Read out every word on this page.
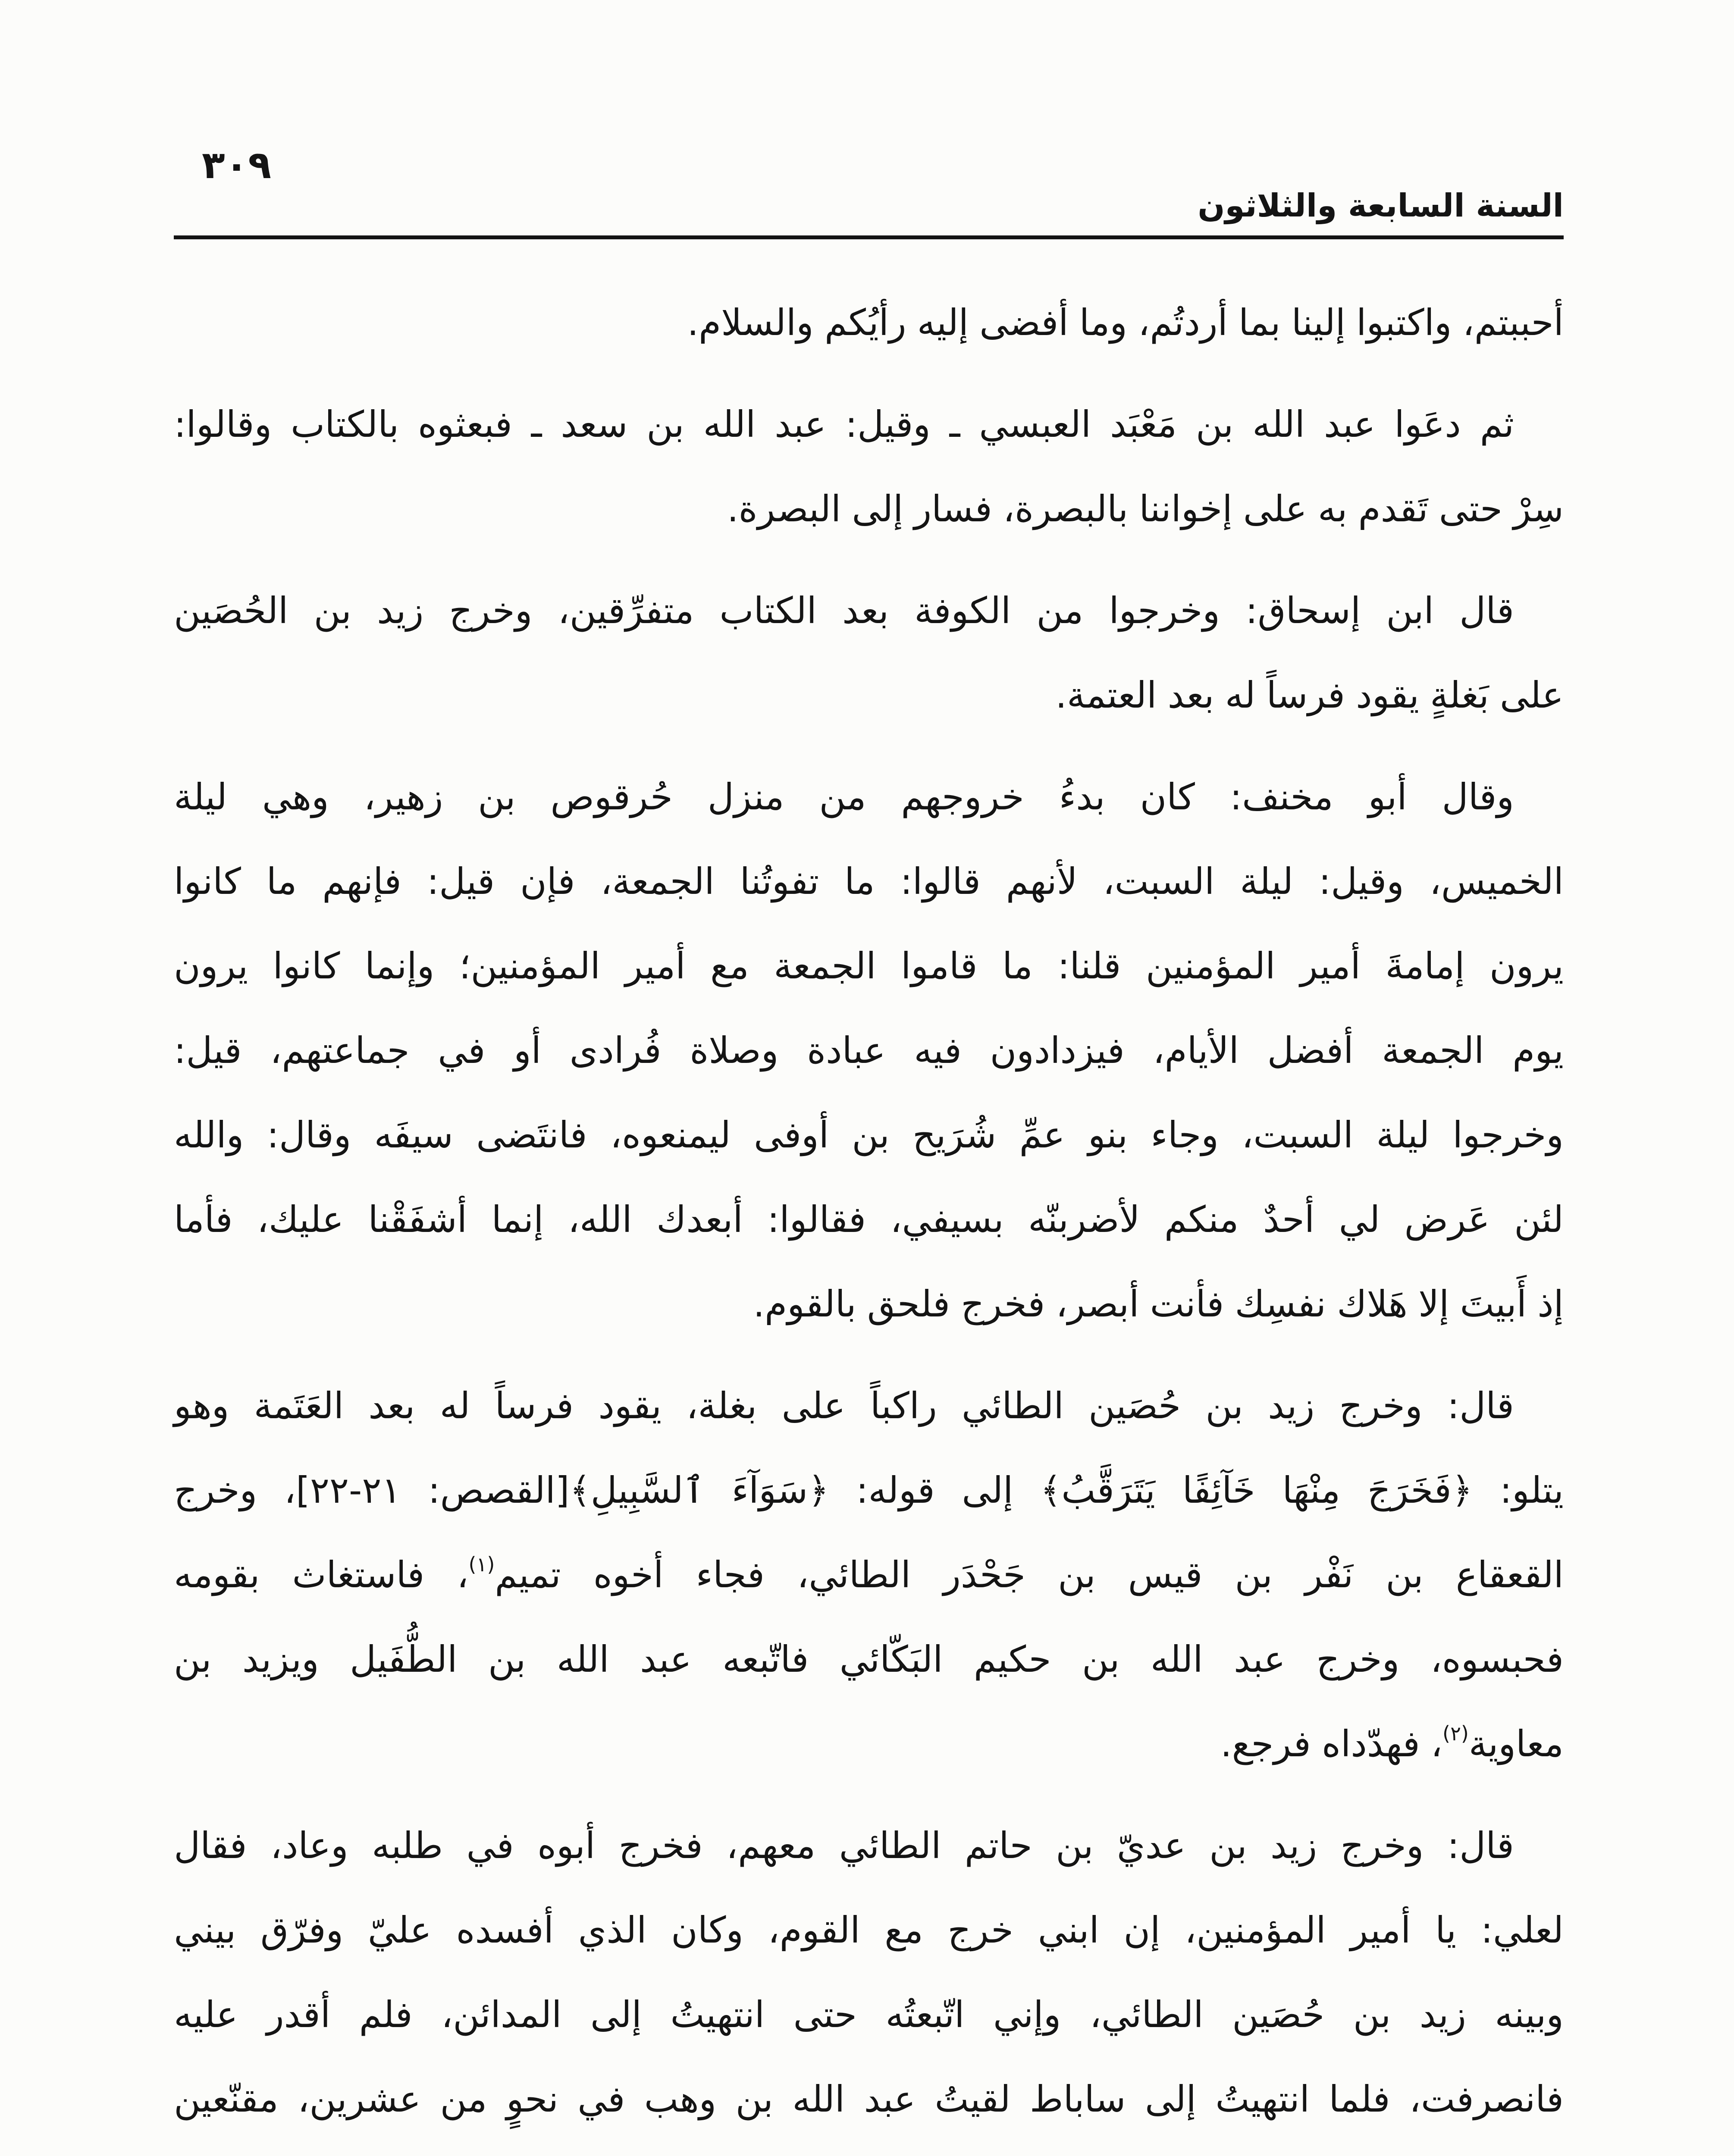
٣٠٩
السنة السابعة والثلاثون
أحببتم،
واكتبوا
إلينا
بما
أردتُم،
وما
أفضى
إليه
رأيُكم
والسلام.
ثم
دعَوا
عبد
الله
بن
مَعْبَد
العبسي
ـ
وقيل:
عبد
الله
بن
سعد
ـ
فبعثوه
بالكتاب
وقالوا:
سِرْ
حتى
تَقدم
به
على
إخواننا
بالبصرة،
فسار
إلى
البصرة.
قال
ابن
إسحاق:
وخرجوا
من
الكوفة
بعد
الكتاب
متفرِّقين،
وخرج
زيد
بن
الحُصَين
على
بَغلةٍ
يقود
فرساً
له
بعد
العتمة.
وقال
أبو
مخنف:
كان
بدءُ
خروجهم
من
منزل
حُرقوص
بن
زهير،
وهي
ليلة
الخميس،
وقيل:
ليلة
السبت،
لأنهم
قالوا:
ما
تفوتُنا
الجمعة،
فإن
قيل:
فإنهم
ما
كانوا
يرون
إمامةَ
أمير
المؤمنين
قلنا:
ما
قاموا
الجمعة
مع
أمير
المؤمنين؛
وإنما
كانوا
يرون
يوم
الجمعة
أفضل
الأيام،
فيزدادون
فيه
عبادة
وصلاة
فُرادى
أو
في
جماعتهم،
قيل:
وخرجوا
ليلة
السبت،
وجاء
بنو
عمِّ
شُرَيح
بن
أوفى
ليمنعوه،
فانتَضى
سيفَه
وقال:
والله
لئن
عَرض
لي
أحدٌ
منكم
لأضربنّه
بسيفي،
فقالوا:
أبعدك
الله،
إنما
أشفَقْنا
عليك،
فأما
إذ
أَبيتَ
إلا
هَلاك
نفسِك
فأنت
أبصر،
فخرج
فلحق
بالقوم.
قال:
وخرج
زيد
بن
حُصَين
الطائي
راكباً
على
بغلة،
يقود
فرساً
له
بعد
العَتَمة
وهو
يتلو:
﴿فَخَرَجَ
مِنْهَا
خَآئِفًا
يَتَرَقَّبُ﴾
إلى
قوله:
﴿سَوَآءَ
ٱلسَّبِيلِ﴾[القصص:
٢١-٢٢]،
وخرج
القعقاع
بن
نَفْر
بن
قيس
بن
جَحْدَر
الطائي،
فجاء
أخوه
تميم$^{(١)}$،
فاستغاث
بقومه
فحبسوه،
وخرج
عبد
الله
بن
حكيم
البَكّائي
فاتّبعه
عبد
الله
بن
الطُّفَيل
ويزيد
بن
معاوية$^{(٢)}$،
فهدّداه
فرجع.
قال:
وخرج
زيد
بن
عديّ
بن
حاتم
الطائي
معهم،
فخرج
أبوه
في
طلبه
وعاد،
فقال
لعلي:
يا
أمير
المؤمنين،
إن
ابني
خرج
مع
القوم،
وكان
الذي
أفسده
عليّ
وفرّق
بيني
وبينه
زيد
بن
حُصَين
الطائي،
وإني
اتّبعتُه
حتى
انتهيتُ
إلى
المدائن،
فلم
أقدر
عليه
فانصرفت،
فلما
انتهيتُ
إلى
ساباط
لقيتُ
عبد
الله
بن
وهب
في
نحوٍ
من
عشرين،
مقنّعين
